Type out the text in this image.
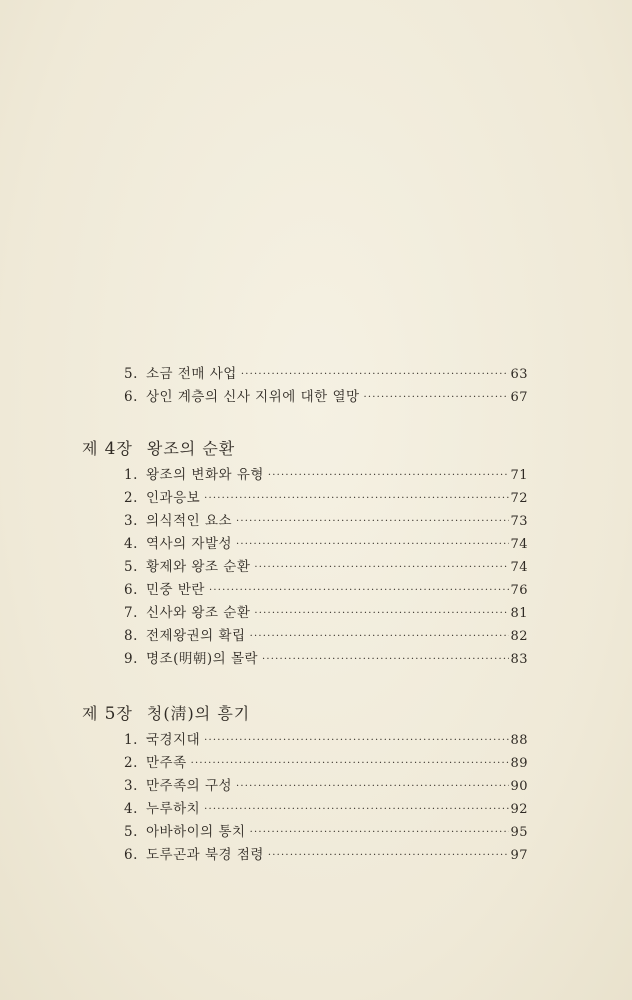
5. 소금 전매 사업 ·····	63
6. 상인 계층의 신사 지위에 대한 열망 ·····	67
제 4장 왕조의 순환
1. 왕조의 변화와 유형 ·····	71
2. 인과응보 ·····	72
3. 의식적인 요소 ·····	73
4. 역사의 자발성 ·····	74
5. 황제와 왕조 순환 ·····	74
6. 민중 반란 ·····	76
7. 신사와 왕조 순환 ·····	81
8. 전제왕권의 확립 ·····	82
9. 명조(明朝)의 몰락 ·····	83
제 5장 청(淸)의 흥기
1. 국경지대 ·····	88
2. 만주족 ·····	89
3. 만주족의 구성 ·····	90
4. 누루하치 ·····	92
5. 아바하이의 통치 ·····	95
6. 도루곤과 북경 점령 ·····	97
